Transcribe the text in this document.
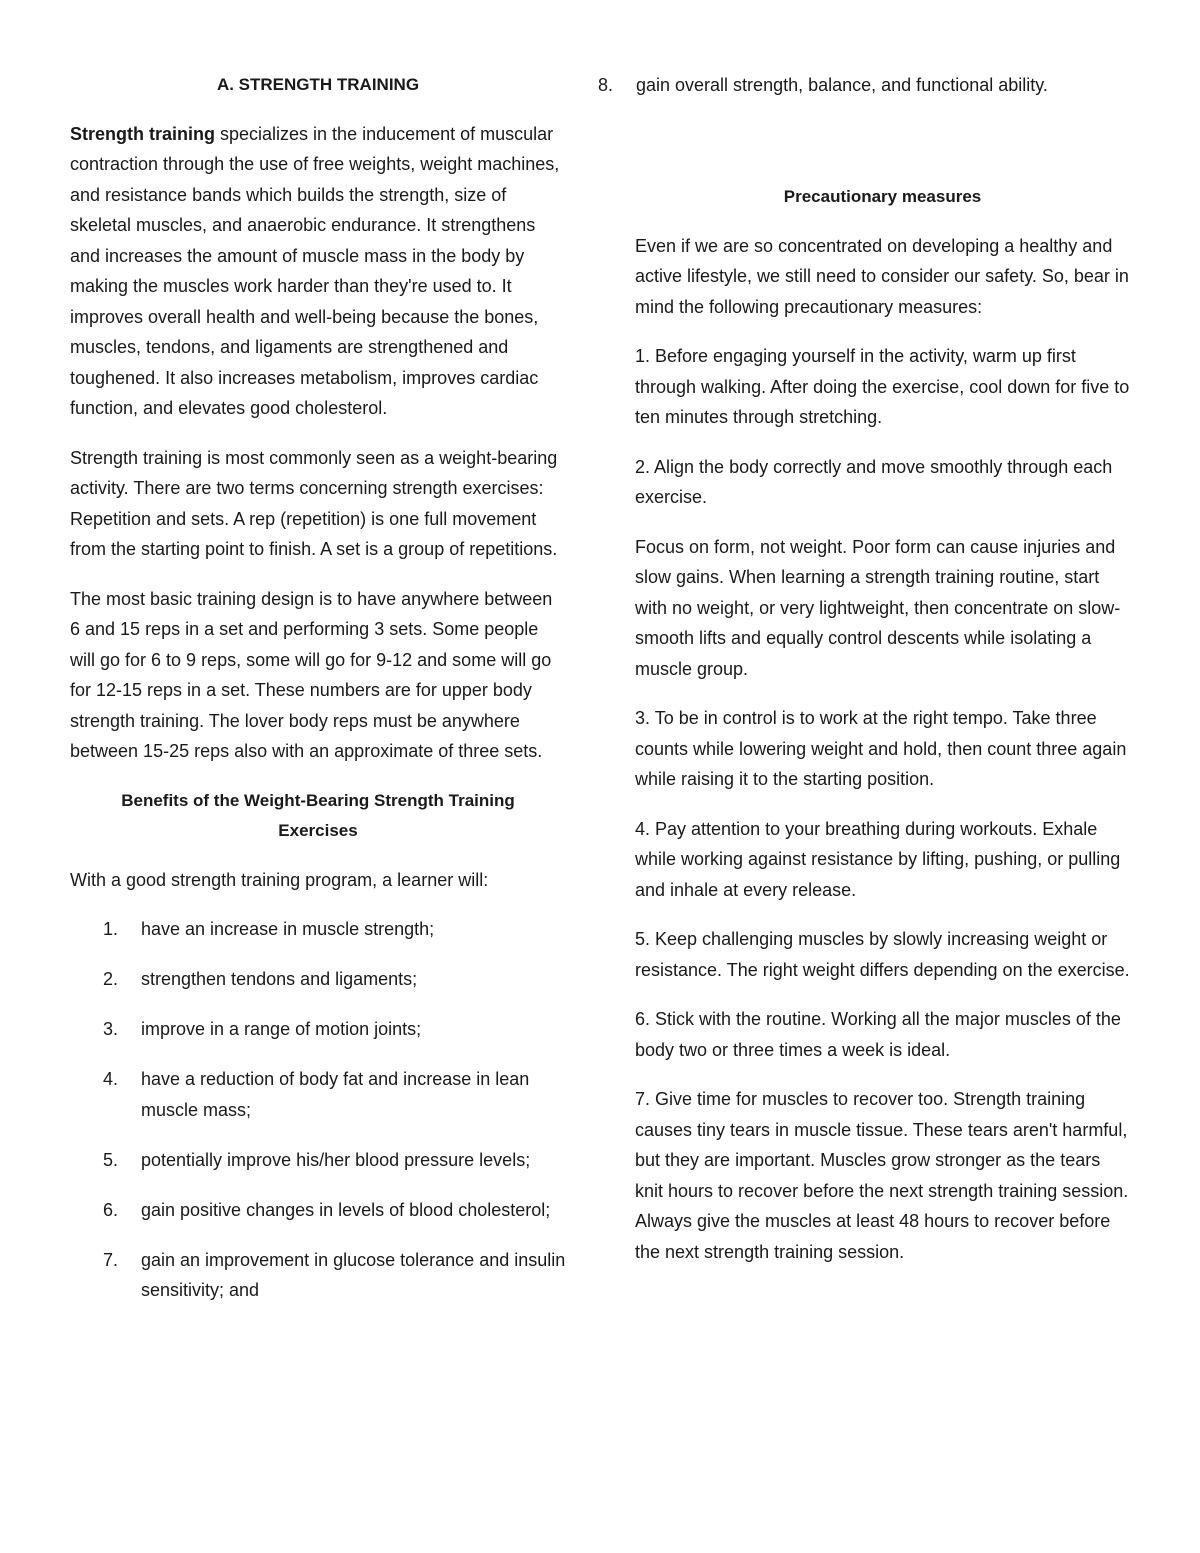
A. STRENGTH TRAINING

Strength training specializes in the inducement of muscular contraction through the use of free weights, weight machines, and resistance bands which builds the strength, size of skeletal muscles, and anaerobic endurance. It strengthens and increases the amount of muscle mass in the body by making the muscles work harder than they're used to. It improves overall health and well-being because the bones, muscles, tendons, and ligaments are strengthened and toughened. It also increases metabolism, improves cardiac function, and elevates good cholesterol.

Strength training is most commonly seen as a weight-bearing activity. There are two terms concerning strength exercises: Repetition and sets. A rep (repetition) is one full movement from the starting point to finish. A set is a group of repetitions.

The most basic training design is to have anywhere between 6 and 15 reps in a set and performing 3 sets. Some people will go for 6 to 9 reps, some will go for 9-12 and some will go for 12-15 reps in a set. These numbers are for upper body strength training. The lover body reps must be anywhere between 15-25 reps also with an approximate of three sets.

Benefits of the Weight-Bearing Strength Training Exercises

With a good strength training program, a learner will:

1. have an increase in muscle strength;
2. strengthen tendons and ligaments;
3. improve in a range of motion joints;
4. have a reduction of body fat and increase in lean muscle mass;
5. potentially improve his/her blood pressure levels;
6. gain positive changes in levels of blood cholesterol;
7. gain an improvement in glucose tolerance and insulin sensitivity; and
8. gain overall strength, balance, and functional ability.
Precautionary measures

Even if we are so concentrated on developing a healthy and active lifestyle, we still need to consider our safety. So, bear in mind the following precautionary measures:

1. Before engaging yourself in the activity, warm up first through walking. After doing the exercise, cool down for five to ten minutes through stretching.

2. Align the body correctly and move smoothly through each exercise.

Focus on form, not weight. Poor form can cause injuries and slow gains. When learning a strength training routine, start with no weight, or very lightweight, then concentrate on slow-smooth lifts and equally control descents while isolating a muscle group.

3. To be in control is to work at the right tempo. Take three counts while lowering weight and hold, then count three again while raising it to the starting position.

4. Pay attention to your breathing during workouts. Exhale while working against resistance by lifting, pushing, or pulling and inhale at every release.

5. Keep challenging muscles by slowly increasing weight or resistance. The right weight differs depending on the exercise.

6. Stick with the routine. Working all the major muscles of the body two or three times a week is ideal.

7. Give time for muscles to recover too. Strength training causes tiny tears in muscle tissue. These tears aren't harmful, but they are important. Muscles grow stronger as the tears knit hours to recover before the next strength training session. Always give the muscles at least 48 hours to recover before the next strength training session.
